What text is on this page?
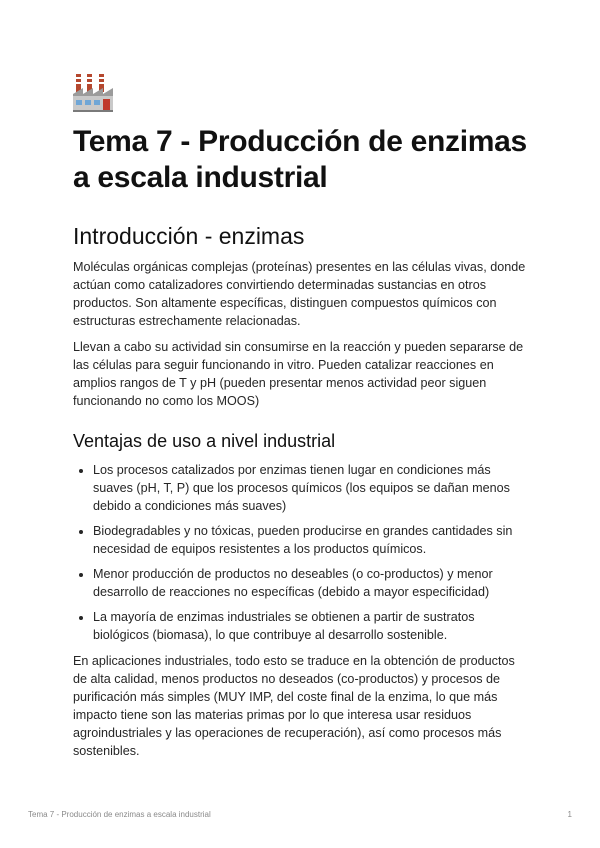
Tema 7 - Producción de enzimas a escala industrial
Introducción - enzimas

Moléculas orgánicas complejas (proteínas) presentes en las células vivas, donde actúan como catalizadores convirtiendo determinadas sustancias en otros productos. Son altamente específicas, distinguen compuestos químicos con estructuras estrechamente relacionadas.

Llevan a cabo su actividad sin consumirse en la reacción y pueden separarse de las células para seguir funcionando in vitro. Pueden catalizar reacciones en amplios rangos de T y pH (pueden presentar menos actividad peor siguen funcionando no como los MOOS)

Ventajas de uso a nivel industrial
• Los procesos catalizados por enzimas tienen lugar en condiciones más suaves (pH, T, P) que los procesos químicos (los equipos se dañan menos debido a condiciones más suaves)
• Biodegradables y no tóxicas, pueden producirse en grandes cantidades sin necesidad de equipos resistentes a los productos químicos.
• Menor producción de productos no deseables (o co-productos) y menor desarrollo de reacciones no específicas (debido a mayor especificidad)
• La mayoría de enzimas industriales se obtienen a partir de sustratos biológicos (biomasa), lo que contribuye al desarrollo sostenible.

En aplicaciones industriales, todo esto se traduce en la obtención de productos de alta calidad, menos productos no deseados (co-productos) y procesos de purificación más simples (MUY IMP, del coste final de la enzima, lo que más impacto tiene son las materias primas por lo que interesa usar residuos agroindustriales y las operaciones de recuperación), así como procesos más sostenibles.

Tema 7 - Producción de enzimas a escala industrial	1
